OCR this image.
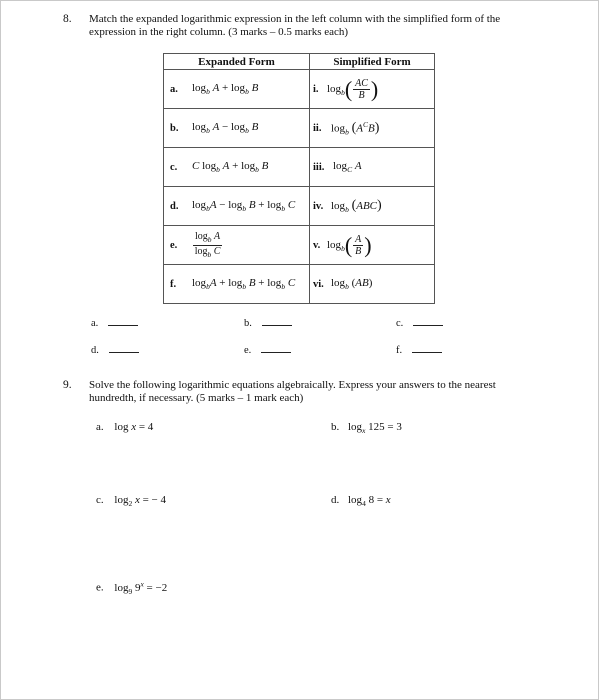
8. Match the expanded logarithmic expression in the left column with the simplified form of the
expression in the right column. (3 marks – 0.5 marks each)
Expanded Form	Simplified Form

a. $\log_b A + \log_b B$	i. $\log_b( \frac{AC}{B}$ )

b. $\log_b A - \log_b B$	ii. $\log_b (A^CB)$

c. C $\log_b A + \log_b B$	iii. $\log_C A$

d. $\log_bA - \log_b B + \log_b C$	iv. $\log_b (ABC)$

e. $\frac{\log_b A}{\log_b C}$	v. $\log_b( \frac{A}{B}$ )

f. $\log_bA + \log_b B + \log_b C$	vi. $\log_b (AB)$
a.	b.	c.
d.	e.	f.
9. Solve the following logarithmic equations algebraically. Express your answers to the nearest
hundredth, if necessary. (5 marks – 1 mark each)
a. log x = 4	b. $\log_x 125 = 3$
c. $\log_2 x$ = − 4	d. $\log_4 8 = x$
e. $\log_9 9^x = -2$
